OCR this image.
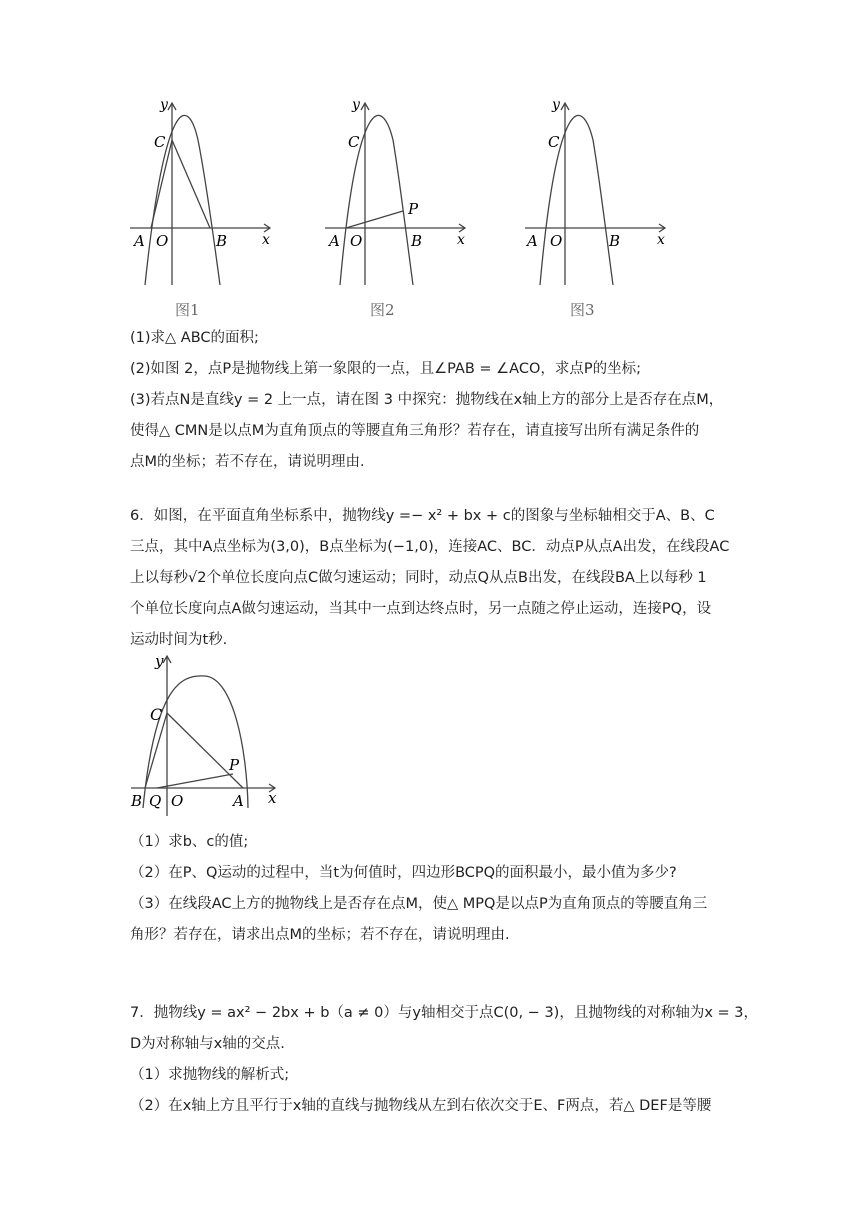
y
x
C
A O	B
图1
y
x
C
A O	B
P
图2
y
x
C
A O	B
图3
(1)求△ ABC的面积;
(2)如图 2，点P是抛物线上第一象限的一点，且∠PAB = ∠ACO，求点P的坐标;
(3)若点N是直线y = 2 上一点，请在图 3 中探究：抛物线在x轴上方的部分上是否存在点M，
使得△ CMN是以点M为直角顶点的等腰直角三角形？若存在，请直接写出所有满足条件的
点M的坐标；若不存在，请说明理由.
6．如图，在平面直角坐标系中，抛物线y =− x² + bx + c的图象与坐标轴相交于A、B、C
三点，其中A点坐标为(3,0)，B点坐标为(−1,0)，连接AC、BC．动点P从点A出发，在线段AC
上以每秒√2个单位长度向点C做匀速运动；同时，动点Q从点B出发，在线段BA上以每秒 1
个单位长度向点A做匀速运动，当其中一点到达终点时，另一点随之停止运动，连接PQ，设
运动时间为t秒.
y
x
C
P
B Q O	A
（1）求b、c的值;
（2）在P、Q运动的过程中，当t为何值时，四边形BCPQ的面积最小，最小值为多少?
（3）在线段AC上方的抛物线上是否存在点M，使△ MPQ是以点P为直角顶点的等腰直角三
角形？若存在，请求出点M的坐标；若不存在，请说明理由.
7．抛物线y = ax² − 2bx + b（a ≠ 0）与y轴相交于点C(0, − 3)，且抛物线的对称轴为x = 3，
D为对称轴与x轴的交点.
（1）求抛物线的解析式;
（2）在x轴上方且平行于x轴的直线与抛物线从左到右依次交于E、F两点，若△ DEF是等腰
